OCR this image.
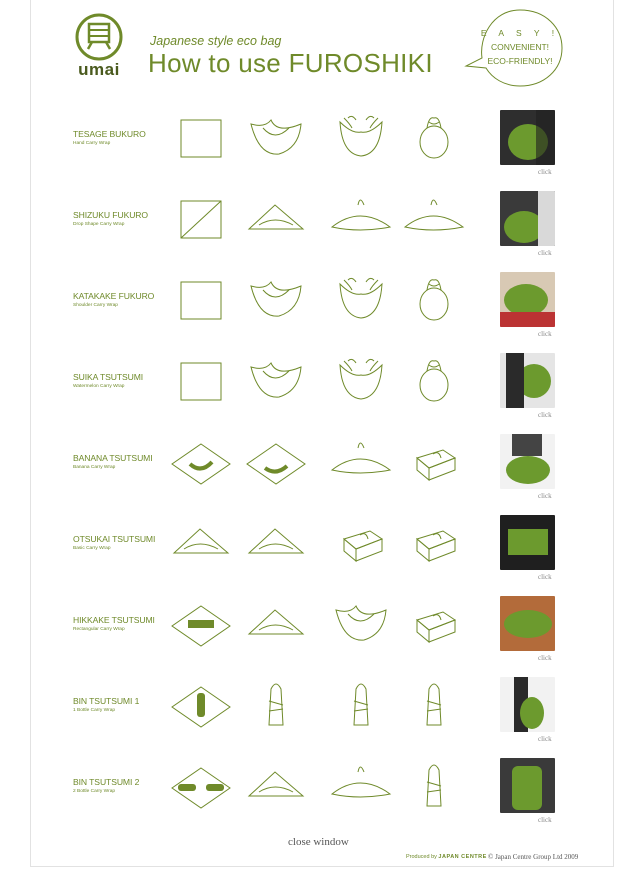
umai
Japanese style eco bag
How to use FUROSHIKI
E A S Y !
CONVENIENT!
ECO-FRIENDLY!
TESAGE BUKURO
Hand Carry Wrap
click
SHIZUKU FUKURO
Drop Shape Carry Wrap
click
KATAKAKE FUKURO
Shoulder Carry Wrap
click
SUIKA TSUTSUMI
Watermelon Carry Wrap
click
BANANA TSUTSUMI
Banana Carry Wrap
click
OTSUKAI TSUTSUMI
Basic Carry Wrap
click
HIKKAKE TSUTSUMI
Rectangular Carry Wrap
click
BIN TSUTSUMI 1
1 Bottle Carry Wrap
click
BIN TSUTSUMI 2
2 Bottle Carry Wrap
click
close window
Produced by JAPAN CENTRE © Japan Centre Group Ltd 2009
